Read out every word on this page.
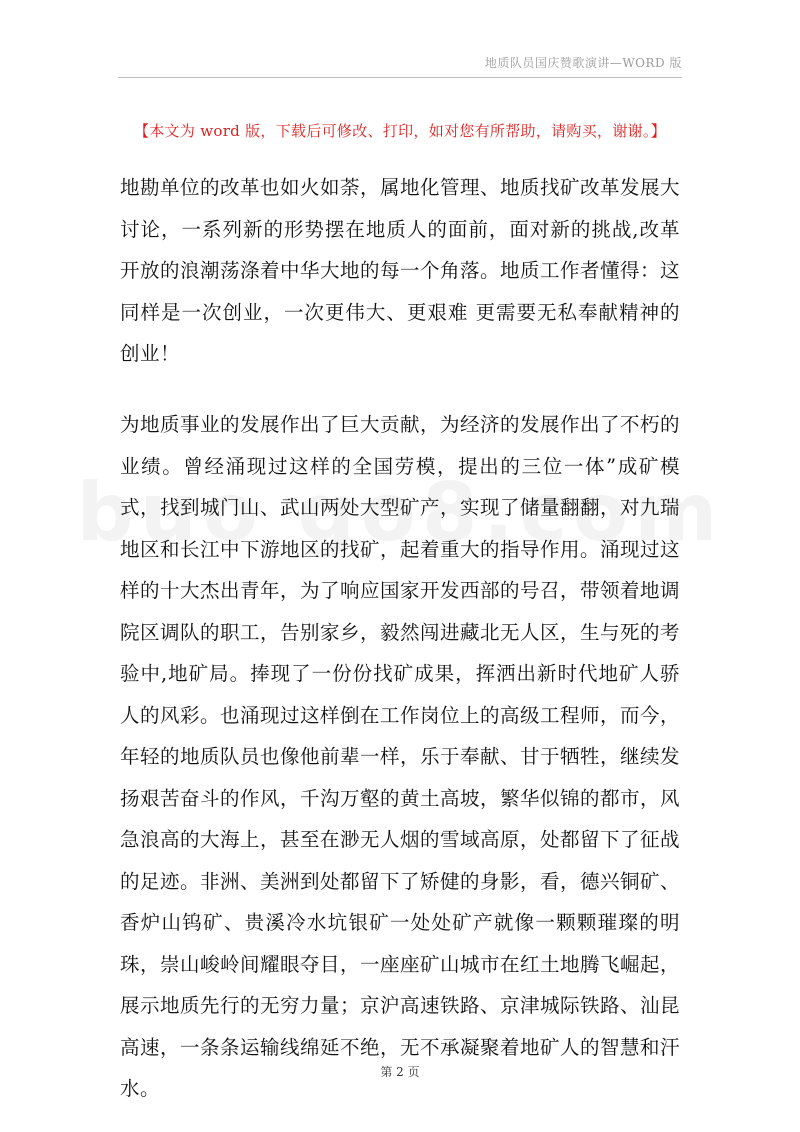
地质队员国庆赞歌演讲—WORD 版
【本文为 word 版，下载后可修改、打印，如对您有所帮助，请购买，谢谢。】
地勘单位的改革也如火如荼，属地化管理、地质找矿改革发展大讨论，一系列新的形势摆在地质人的面前，面对新的挑战,改革开放的浪潮荡涤着中华大地的每一个角落。地质工作者懂得：这同样是一次创业，一次更伟大、更艰难 更需要无私奉献精神的创业！
为地质事业的发展作出了巨大贡献，为经济的发展作出了不朽的业绩。曾经涌现过这样的全国劳模，提出的三位一体”成矿模式，找到城门山、武山两处大型矿产，实现了储量翻翻，对九瑞地区和长江中下游地区的找矿，起着重大的指导作用。涌现过这样的十大杰出青年，为了响应国家开发西部的号召，带领着地调院区调队的职工，告别家乡，毅然闯进藏北无人区，生与死的考验中,地矿局。捧现了一份份找矿成果，挥洒出新时代地矿人骄人的风彩。也涌现过这样倒在工作岗位上的高级工程师，而今，年轻的地质队员也像他前辈一样，乐于奉献、甘于牺牲，继续发扬艰苦奋斗的作风，千沟万壑的黄土高坡，繁华似锦的都市，风急浪高的大海上，甚至在渺无人烟的雪域高原，处都留下了征战的足迹。非洲、美洲到处都留下了矫健的身影，看，德兴铜矿、香炉山钨矿、贵溪冷水坑银矿一处处矿产就像一颗颗璀璨的明珠，崇山峻岭间耀眼夺目，一座座矿山城市在红土地腾飞崛起，展示地质先行的无穷力量；京沪高速铁路、京津城际铁路、汕昆高速，一条条运输线绵延不绝，无不承凝聚着地矿人的智慧和汗水。
第 2 页
